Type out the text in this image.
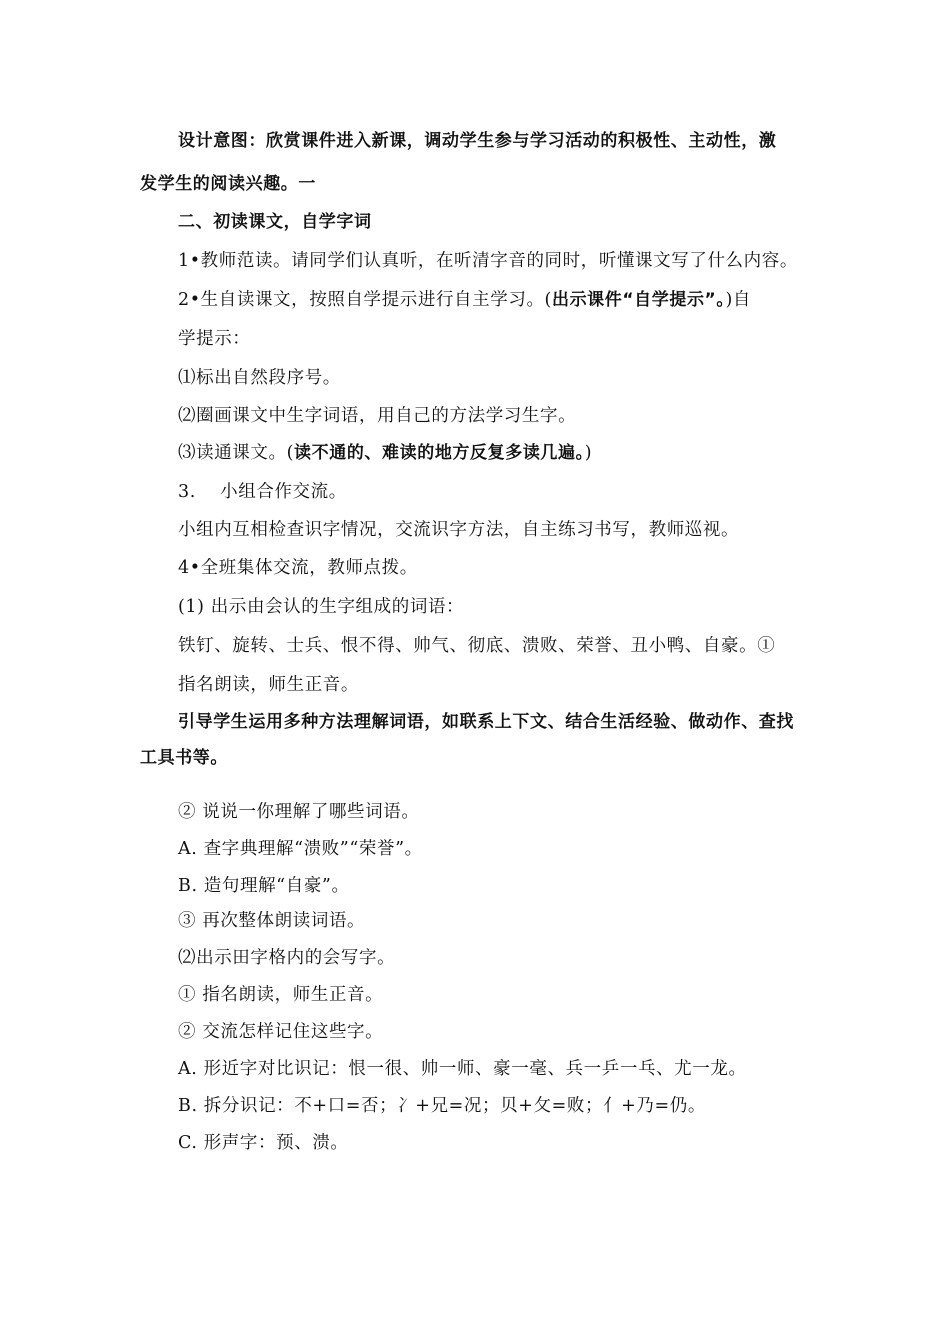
设计意图：欣赏课件进入新课，调动学生参与学习活动的积极性、主动性，激
发学生的阅读兴趣。一
二、初读课文，自学字词
1•教师范读。请同学们认真听，在听清字音的同时，听懂课文写了什么内容。
2•生自读课文，按照自学提示进行自主学习。(出示课件“自学提示”。)自
学提示：
⑴标出自然段序号。
⑵圈画课文中生字词语，用自己的方法学习生字。
⑶读通课文。(读不通的、难读的地方反复多读几遍。)
3.　 小组合作交流。
小组内互相检查识字情况，交流识字方法，自主练习书写，教师巡视。
4•全班集体交流，教师点拨。
(1) 出示由会认的生字组成的词语：
铁钉、旋转、士兵、恨不得、帅气、彻底、溃败、荣誉、丑小鸭、自豪。①
指名朗读，师生正音。
引导学生运用多种方法理解词语，如联系上下文、结合生活经验、做动作、查找
工具书等。
② 说说一你理解了哪些词语。
A. 查字典理解“溃败”“荣誉”。
B. 造句理解“自豪”。
③ 再次整体朗读词语。
⑵出示田字格内的会写字。
① 指名朗读，师生正音。
② 交流怎样记住这些字。
A. 形近字对比识记：恨一很、帅一师、豪一毫、兵一乒一乓、尤一龙。
B. 拆分识记：不+口=否；冫+兄=况；贝+攵=败；亻+乃=仍。
C. 形声字：预、溃。
